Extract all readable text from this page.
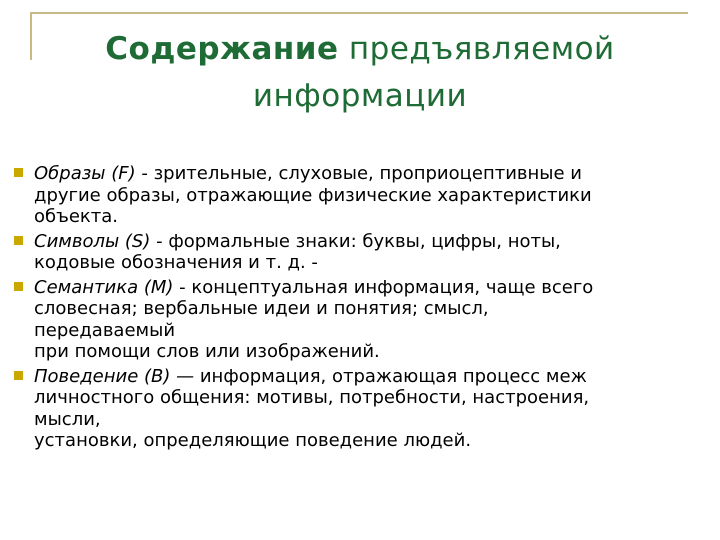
Содержание предъявляемой
информации
Образы (F) - зрительные, слуховые, проприоцептивные и
другие образы, отражающие физические характеристики
объекта.
Символы (S) - формальные знаки: буквы, цифры, ноты,
кодовые обозначения и т. д. -
Семантика (M) - концептуальная информация, чаще всего
словесная; вербальные идеи и понятия; смысл,
передаваемый
при помощи слов или изображений.
Поведение (B) — информация, отражающая процесс меж
личностного общения: мотивы, потребности, настроения,
мысли,
установки, определяющие поведение людей.
